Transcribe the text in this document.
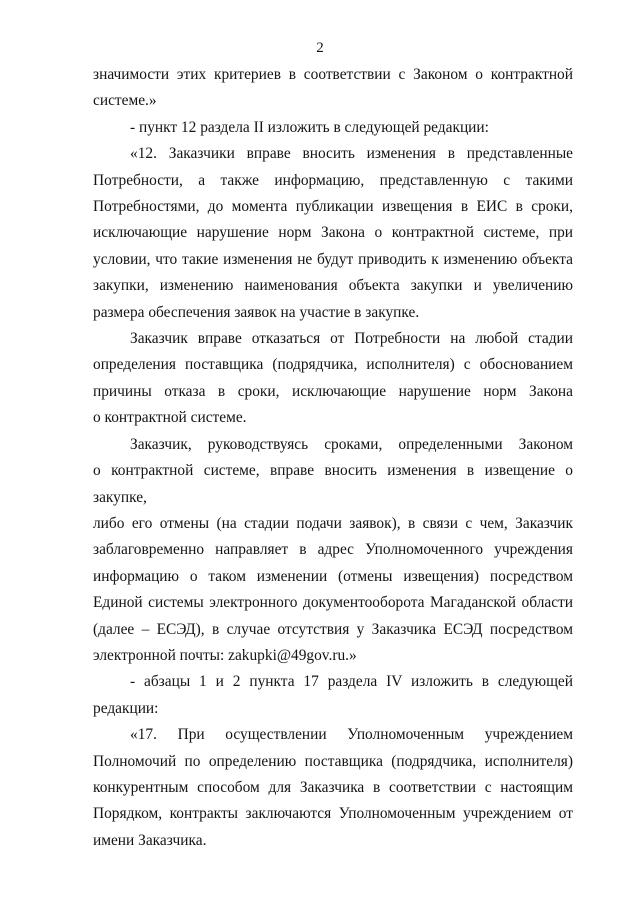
2
значимости этих критериев в соответствии с Законом о контрактной
системе.»
- пункт 12 раздела II изложить в следующей редакции:
«12. Заказчики вправе вносить изменения в представленные
Потребности, а также информацию, представленную с такими
Потребностями, до момента публикации извещения в ЕИС в сроки,
исключающие нарушение норм Закона о контрактной системе, при
условии, что такие изменения не будут приводить к изменению объекта
закупки, изменению наименования объекта закупки и увеличению
размера обеспечения заявок на участие в закупке.
Заказчик вправе отказаться от Потребности на любой стадии
определения поставщика (подрядчика, исполнителя) с обоснованием
причины отказа в сроки, исключающие нарушение норм Закона
о контрактной системе.
Заказчик, руководствуясь сроками, определенными Законом
о контрактной системе, вправе вносить изменения в извещение о закупке,
либо его отмены (на стадии подачи заявок), в связи с чем, Заказчик
заблаговременно направляет в адрес Уполномоченного учреждения
информацию о таком изменении (отмены извещения) посредством
Единой системы электронного документооборота Магаданской области
(далее – ЕСЭД), в случае отсутствия у Заказчика ЕСЭД посредством
электронной почты: zakupki@49gov.ru.»
- абзацы 1 и 2 пункта 17 раздела IV изложить в следующей
редакции:
«17. При осуществлении Уполномоченным учреждением
Полномочий по определению поставщика (подрядчика, исполнителя)
конкурентным способом для Заказчика в соответствии с настоящим
Порядком, контракты заключаются Уполномоченным учреждением от
имени Заказчика.
